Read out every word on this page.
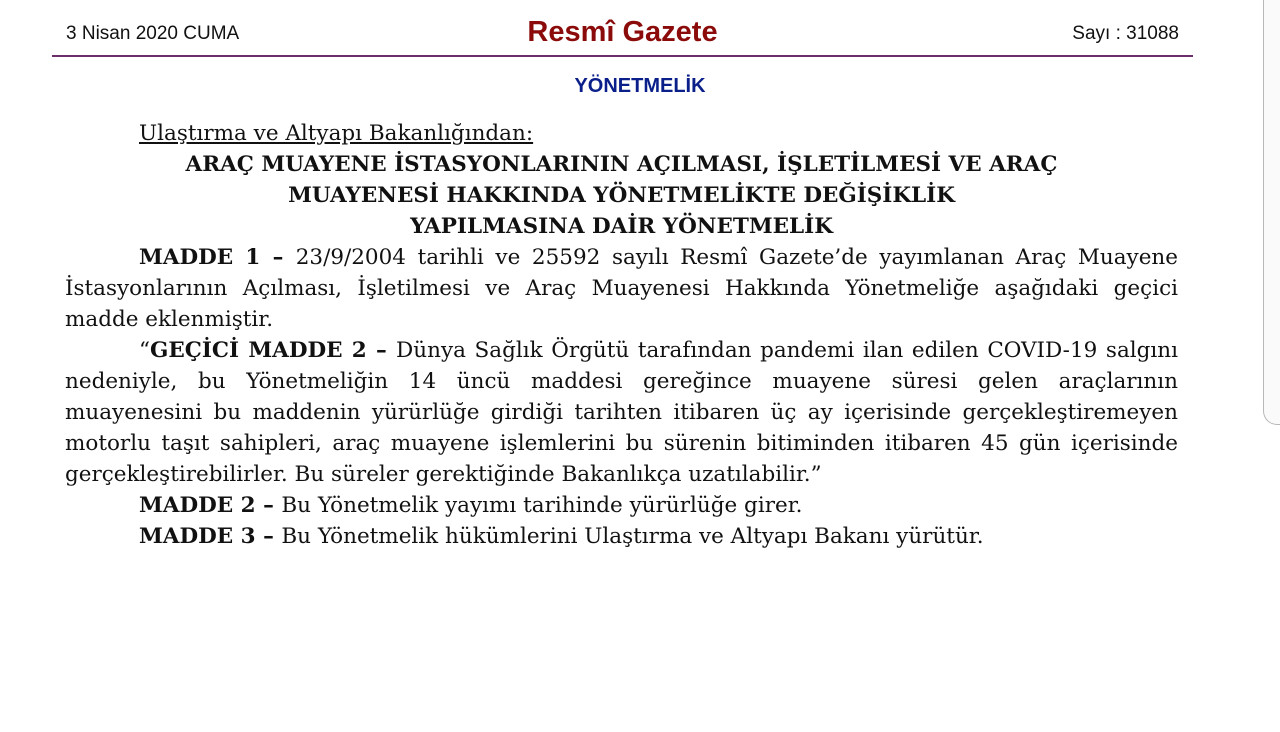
3 Nisan 2020 CUMA	Resmî Gazete	Sayı : 31088
YÖNETMELİK

Ulaştırma ve Altyapı Bakanlığından:

ARAÇ MUAYENE İSTASYONLARININ AÇILMASI, İŞLETİLMESİ VE ARAÇ

MUAYENESİ HAKKINDA YÖNETMELİKTE DEĞİŞİKLİK

YAPILMASINA DAİR YÖNETMELİK

MADDE 1 – 23/9/2004 tarihli ve 25592 sayılı Resmî Gazete’de yayımlanan Araç Muayene İstasyonlarının Açılması, İşletilmesi ve Araç Muayenesi Hakkında Yönetmeliğe aşağıdaki geçici madde eklenmiştir.

“GEÇİCİ MADDE 2 – Dünya Sağlık Örgütü tarafından pandemi ilan edilen COVID-19 salgını nedeniyle, bu Yönetmeliğin 14 üncü maddesi gereğince muayene süresi gelen araçlarının muayenesini bu maddenin yürürlüğe girdiği tarihten itibaren üç ay içerisinde gerçekleştiremeyen motorlu taşıt sahipleri, araç muayene işlemlerini bu sürenin bitiminden itibaren 45 gün içerisinde gerçekleştirebilirler. Bu süreler gerektiğinde Bakanlıkça uzatılabilir.”

MADDE 2 – Bu Yönetmelik yayımı tarihinde yürürlüğe girer.

MADDE 3 – Bu Yönetmelik hükümlerini Ulaştırma ve Altyapı Bakanı yürütür.
